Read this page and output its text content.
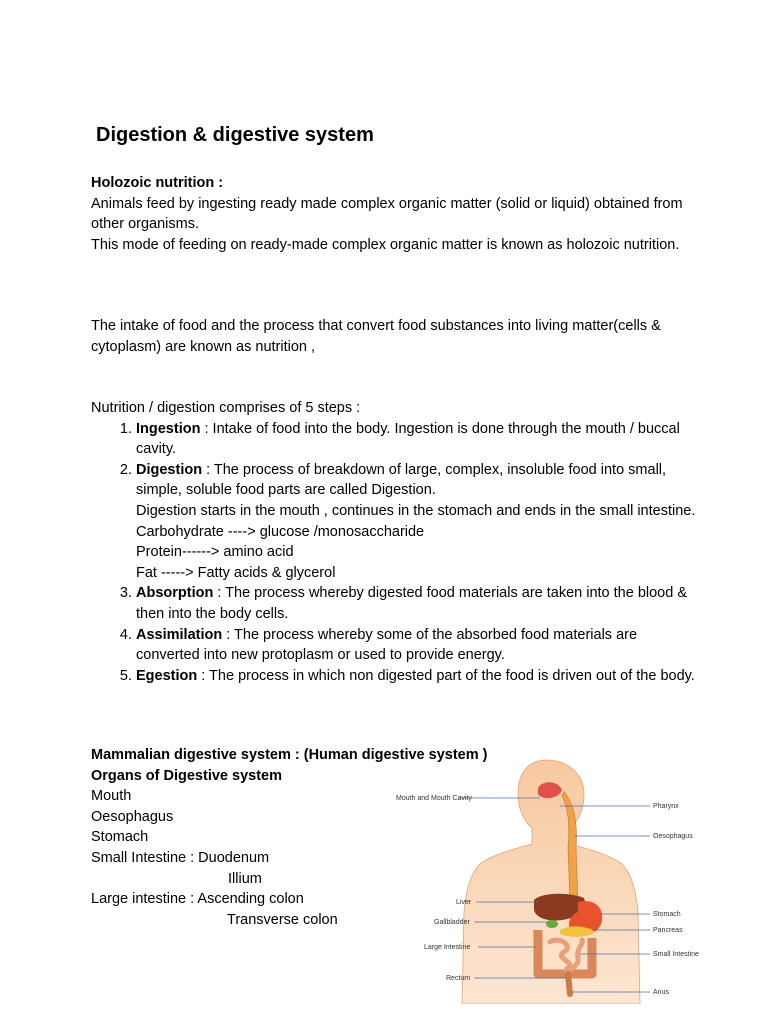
Digestion & digestive system

Holozoic nutrition :

Animals feed by ingesting ready made complex organic matter (solid or liquid) obtained from other organisms.

This mode of feeding on ready-made complex organic matter is known as holozoic nutrition.

The intake of food and the process that convert food substances into living matter(cells & cytoplasm) are known as nutrition ,

Nutrition / digestion comprises of 5 steps :

1. Ingestion : Intake of food into the body. Ingestion is done through the mouth / buccal cavity.
2. Digestion : The process of breakdown of large, complex, insoluble food into small, simple, soluble food parts are called Digestion.
Digestion starts in the mouth , continues in the stomach and ends in the small intestine.
Carbohydrate ----> glucose /monosaccharide
Protein------> amino acid
Fat -----> Fatty acids & glycerol
3. Absorption : The process whereby digested food materials are taken into the blood & then into the body cells.
4. Assimilation : The process whereby some of the absorbed food materials are converted into new protoplasm or used to provide energy.
5. Egestion : The process in which non digested part of the food is driven out of the body.

Mammalian digestive system : (Human digestive system )

Organs of Digestive system

Mouth
Oesophagus
Stomach
Small Intestine : Duodenum
Illium
Large intestine : Ascending colon
Transverse colon
Mouth and Mouth Cavity
Liver
Gallbladder
Large Intestine
Rectum
Pharynx
Oesophagus
Stomach
Pancreas
Small Intestine
Anus
